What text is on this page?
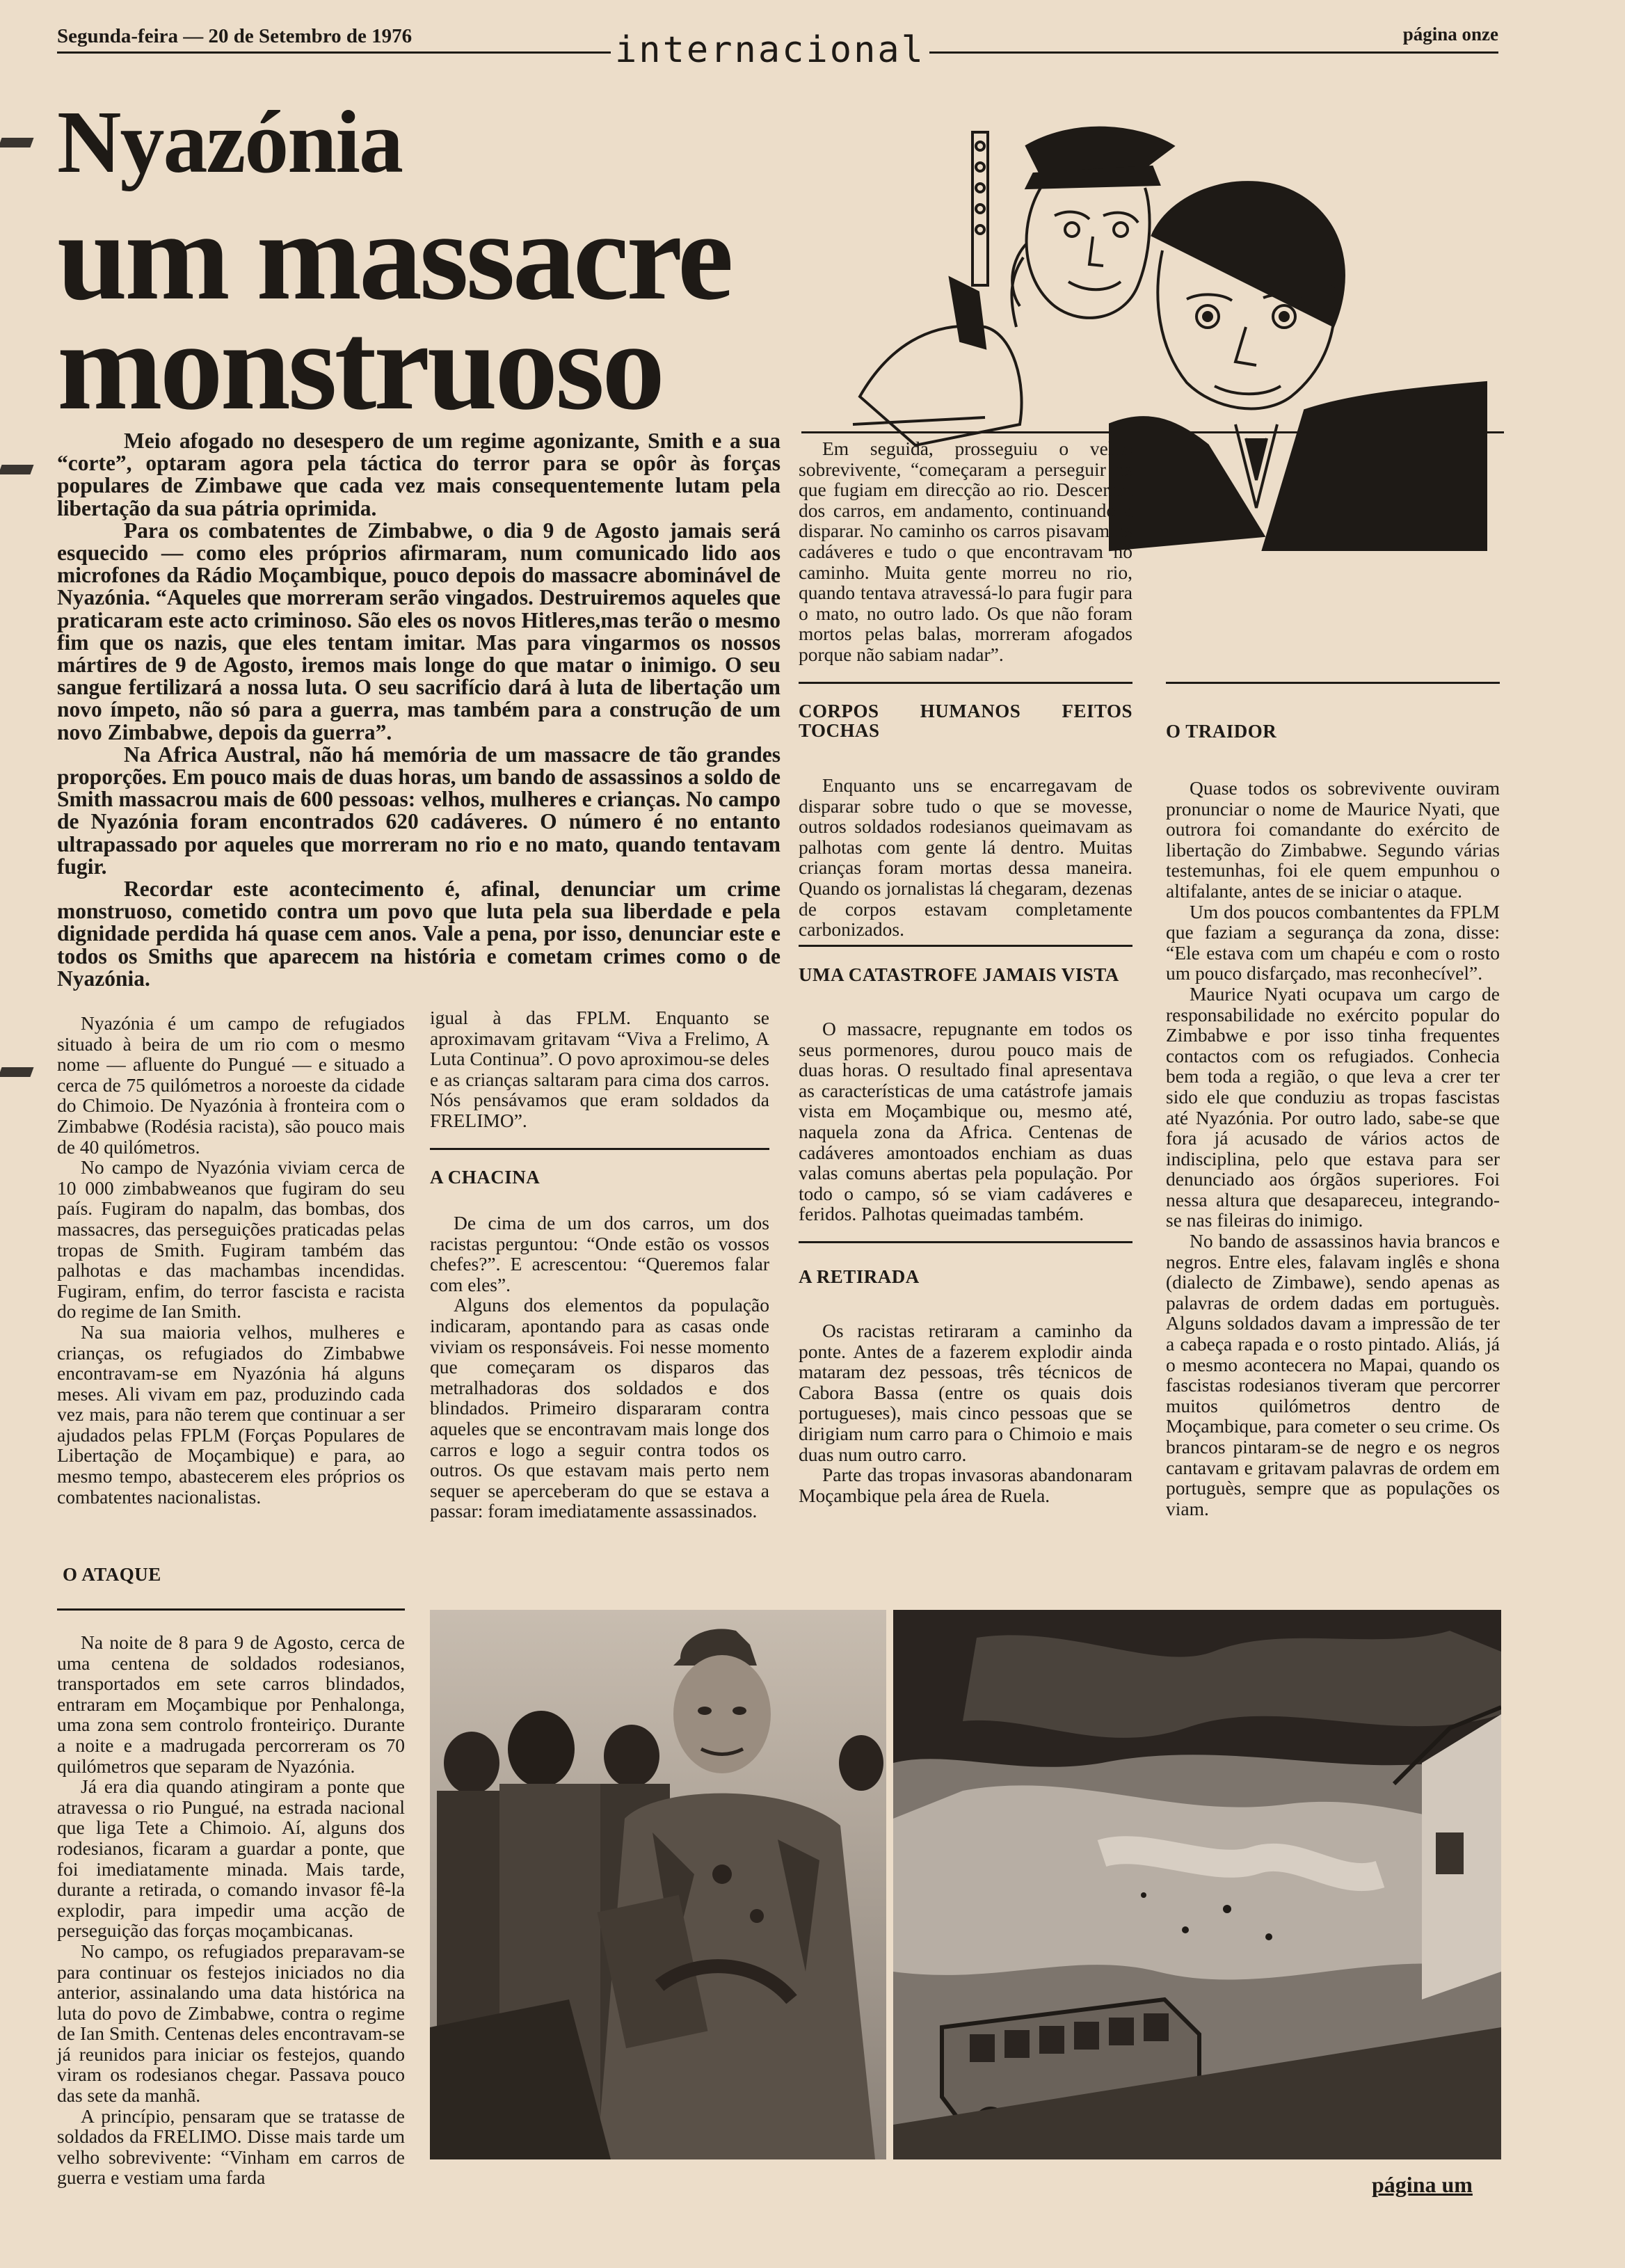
Segunda-feira — 20 de Setembro de 1976	internacional	página onze
Nyazónia
um massacre
monstruoso

Meio afogado no desespero de um regime agonizante, Smith e a sua “corte”, optaram agora pela táctica do terror para se opôr às forças populares de Zimbawe que cada vez mais consequentemente lutam pela libertação da sua pátria oprimida.

Para os combatentes de Zimbabwe, o dia 9 de Agosto jamais será esquecido — como eles próprios afirmaram, num comunicado lido aos microfones da Rádio Moçambique, pouco depois do massacre abominável de Nyazónia. “Aqueles que morreram serão vingados. Destruiremos aqueles que praticaram este acto criminoso. São eles os novos Hitleres,mas terão o mesmo fim que os nazis, que eles tentam imitar. Mas para vingarmos os nossos mártires de 9 de Agosto, iremos mais longe do que matar o inimigo. O seu sangue fertilizará a nossa luta. O seu sacrifício dará à luta de libertação um novo ímpeto, não só para a guerra, mas também para a construção de um novo Zimbabwe, depois da guerra”.

Na Africa Austral, não há memória de um massacre de tão grandes proporções. Em pouco mais de duas horas, um bando de assassinos a soldo de Smith massacrou mais de 600 pessoas: velhos, mulheres e crianças. No campo de Nyazónia foram encontrados 620 cadáveres. O número é no entanto ultrapassado por aqueles que morreram no rio e no mato, quando tentavam fugir.

Recordar este acontecimento é, afinal, denunciar um crime monstruoso, cometido contra um povo que luta pela sua liberdade e pela dignidade perdida há quase cem anos. Vale a pena, por isso, denunciar este e todos os Smiths que aparecem na história e cometam crimes como o de Nyazónia.

Nyazónia é um campo de refugiados situado à beira de um rio com o mesmo nome — afluente do Pungué — e situado a cerca de 75 quilómetros a noroeste da cidade do Chimoio. De Nyazónia à fronteira com o Zimbabwe (Rodésia racista), são pouco mais de 40 quilómetros.

No campo de Nyazónia viviam cerca de 10 000 zimbabweanos que fugiram do seu país. Fugiram do napalm, das bombas, dos massacres, das perseguições praticadas pelas tropas de Smith. Fugiram também das palhotas e das machambas incendidas. Fugiram, enfim, do terror fascista e racista do regime de Ian Smith.

Na sua maioria velhos, mulheres e crianças, os refugiados do Zimbabwe encontravam-se em Nyazónia há alguns meses. Ali vivam em paz, produzindo cada vez mais, para não terem que continuar a ser ajudados pelas FPLM (Forças Populares de Libertação de Moçambique) e para, ao mesmo tempo, abastecerem eles próprios os combatentes nacionalistas.

igual à das FPLM. Enquanto se aproximavam gritavam “Viva a Frelimo, A Luta Continua”. O povo aproximou-se deles e as crianças saltaram para cima dos carros. Nós pensávamos que eram soldados da FRELIMO”.

A CHACINA

De cima de um dos carros, um dos racistas perguntou: “Onde estão os vossos chefes?”. E acrescentou: “Queremos falar com eles”.

Alguns dos elementos da população indicaram, apontando para as casas onde viviam os responsáveis. Foi nesse momento que começaram os disparos das metralhadoras dos soldados e dos blindados. Primeiro dispararam contra aqueles que se encontravam mais longe dos carros e logo a seguir contra todos os outros. Os que estavam mais perto nem sequer se aperceberam do que se estava a passar: foram imediatamente assassinados.

Em seguida, prosseguiu o velho sobrevivente, “começaram a perseguir os que fugiam em direcção ao rio. Desceram dos carros, em andamento, continuando a disparar. No caminho os carros pisavam os cadáveres e tudo o que encontravam no caminho. Muita gente morreu no rio, quando tentava atravessá-lo para fugir para o mato, no outro lado. Os que não foram mortos pelas balas, morreram afogados porque não sabiam nadar”.

CORPOS HUMANOS FEITOS TOCHAS

Enquanto uns se encarregavam de disparar sobre tudo o que se movesse, outros soldados rodesianos queimavam as palhotas com gente lá dentro. Muitas crianças foram mortas dessa maneira. Quando os jornalistas lá chegaram, dezenas de corpos estavam completamente carbonizados.

UMA CATASTROFE JAMAIS VISTA

O massacre, repugnante em todos os seus pormenores, durou pouco mais de duas horas. O resultado final apresentava as características de uma catástrofe jamais vista em Moçambique ou, mesmo até, naquela zona da Africa. Centenas de cadáveres amontoados enchiam as duas valas comuns abertas pela população. Por todo o campo, só se viam cadáveres e feridos. Palhotas queimadas também.

A RETIRADA

Os racistas retiraram a caminho da ponte. Antes de a fazerem explodir ainda mataram dez pessoas, três técnicos de Cabora Bassa (entre os quais dois portugueses), mais cinco pessoas que se dirigiam num carro para o Chimoio e mais duas num outro carro.

Parte das tropas invasoras abandonaram Moçambique pela área de Ruela.

O TRAIDOR

Quase todos os sobrevivente ouviram pronunciar o nome de Maurice Nyati, que outrora foi comandante do exército de libertação do Zimbabwe. Segundo várias testemunhas, foi ele quem empunhou o altifalante, antes de se iniciar o ataque.

Um dos poucos combantentes da FPLM que faziam a segurança da zona, disse: “Ele estava com um chapéu e com o rosto um pouco disfarçado, mas reconhecível”.

Maurice Nyati ocupava um cargo de responsabilidade no exército popular do Zimbabwe e por isso tinha frequentes contactos com os refugiados. Conhecia bem toda a região, o que leva a crer ter sido ele que conduziu as tropas fascistas até Nyazónia. Por outro lado, sabe-se que fora já acusado de vários actos de indisciplina, pelo que estava para ser denunciado aos órgãos superiores. Foi nessa altura que desapareceu, integrando-se nas fileiras do inimigo.

No bando de assassinos havia brancos e negros. Entre eles, falavam inglês e shona (dialecto de Zimbawe), sendo apenas as palavras de ordem dadas em portuguès. Alguns soldados davam a impressão de ter a cabeça rapada e o rosto pintado. Aliás, já o mesmo acontecera no Mapai, quando os fascistas rodesianos tiveram que percorrer muitos quilómetros dentro de Moçambique, para cometer o seu crime. Os brancos pintaram-se de negro e os negros cantavam e gritavam palavras de ordem em portuguès, sempre que as populações os viam.

O ATAQUE

Na noite de 8 para 9 de Agosto, cerca de uma centena de soldados rodesianos, transportados em sete carros blindados, entraram em Moçambique por Penhalonga, uma zona sem controlo fronteiriço. Durante a noite e a madrugada percorreram os 70 quilómetros que separam de Nyazónia.

Já era dia quando atingiram a ponte que atravessa o rio Pungué, na estrada nacional que liga Tete a Chimoio. Aí, alguns dos rodesianos, ficaram a guardar a ponte, que foi imediatamente minada. Mais tarde, durante a retirada, o comando invasor fê-la explodir, para impedir uma acção de perseguição das forças moçambicanas.

No campo, os refugiados preparavam-se para continuar os festejos iniciados no dia anterior, assinalando uma data histórica na luta do povo de Zimbabwe, contra o regime de Ian Smith. Centenas deles encontravam-se já reunidos para iniciar os festejos, quando viram os rodesianos chegar. Passava pouco das sete da manhã.

A princípio, pensaram que se tratasse de soldados da FRELIMO. Disse mais tarde um velho sobrevivente: “Vinham em carros de guerra e vestiam uma farda	página um
